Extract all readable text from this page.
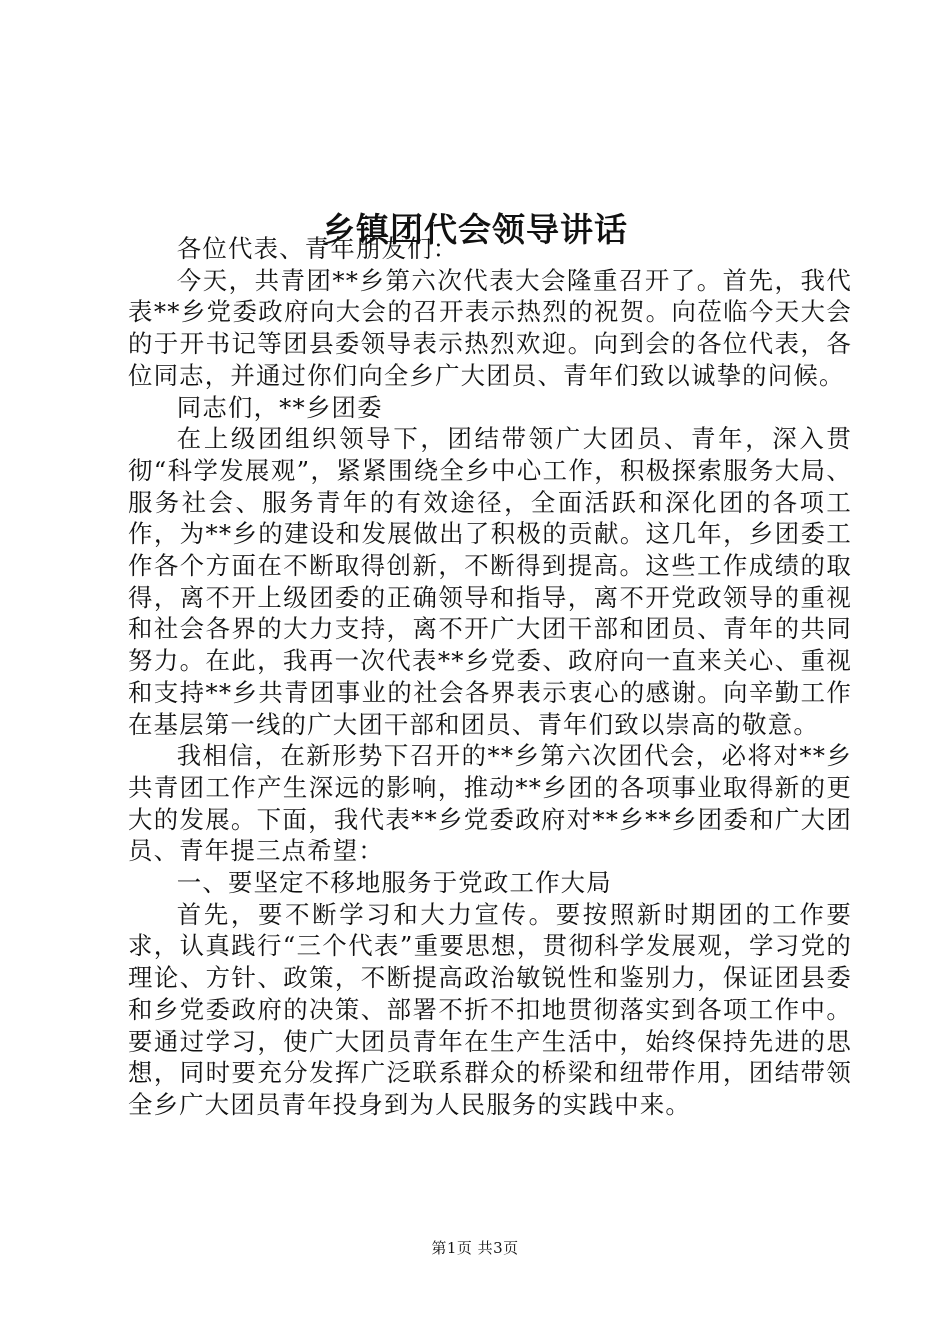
乡镇团代会领导讲话

各位代表、青年朋友们：

今天，共青团**乡第六次代表大会隆重召开了。首先，我代表**乡党委政府向大会的召开表示热烈的祝贺。向莅临今天大会的于开书记等团县委领导表示热烈欢迎。向到会的各位代表，各位同志，并通过你们向全乡广大团员、青年们致以诚挚的问候。

同志们，**乡团委

在上级团组织领导下，团结带领广大团员、青年，深入贯彻“科学发展观”，紧紧围绕全乡中心工作，积极探索服务大局、服务社会、服务青年的有效途径，全面活跃和深化团的各项工作，为**乡的建设和发展做出了积极的贡献。这几年，乡团委工作各个方面在不断取得创新，不断得到提高。这些工作成绩的取得，离不开上级团委的正确领导和指导，离不开党政领导的重视和社会各界的大力支持，离不开广大团干部和团员、青年的共同努力。在此，我再一次代表**乡党委、政府向一直来关心、重视和支持**乡共青团事业的社会各界表示衷心的感谢。向辛勤工作在基层第一线的广大团干部和团员、青年们致以崇高的敬意。

我相信，在新形势下召开的**乡第六次团代会，必将对**乡共青团工作产生深远的影响，推动**乡团的各项事业取得新的更大的发展。下面，我代表**乡党委政府对**乡**乡团委和广大团员、青年提三点希望：

一、要坚定不移地服务于党政工作大局

首先，要不断学习和大力宣传。要按照新时期团的工作要求，认真践行“三个代表”重要思想，贯彻科学发展观，学习党的理论、方针、政策，不断提高政治敏锐性和鉴别力，保证团县委和乡党委政府的决策、部署不折不扣地贯彻落实到各项工作中。要通过学习，使广大团员青年在生产生活中，始终保持先进的思想，同时要充分发挥广泛联系群众的桥梁和纽带作用，团结带领全乡广大团员青年投身到为人民服务的实践中来。

第1页 共3页
